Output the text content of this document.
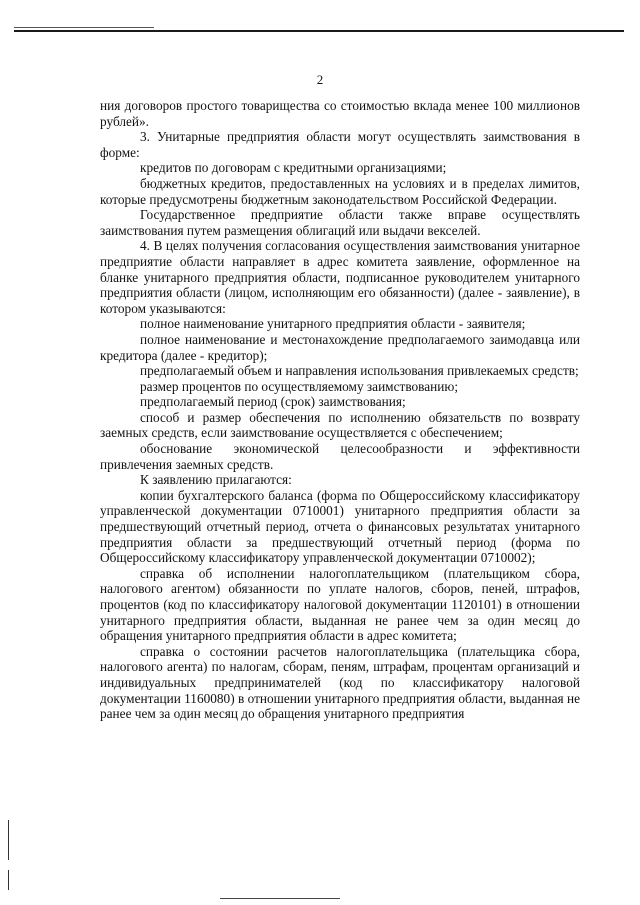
2

ния договоров простого товарищества со стоимостью вклада менее 100 миллионов рублей».

3. Унитарные предприятия области могут осуществлять заимствования в форме:

кредитов по договорам с кредитными организациями;

бюджетных кредитов, предоставленных на условиях и в пределах лимитов, которые предусмотрены бюджетным законодательством Российской Федерации.

Государственное предприятие области также вправе осуществлять заимствования путем размещения облигаций или выдачи векселей.

4. В целях получения согласования осуществления заимствования унитарное предприятие области направляет в адрес комитета заявление, оформленное на бланке унитарного предприятия области, подписанное руководителем унитарного предприятия области (лицом, исполняющим его обязанности) (далее - заявление), в котором указываются:

полное наименование унитарного предприятия области - заявителя;

полное наименование и местонахождение предполагаемого заимодавца или кредитора (далее - кредитор);

предполагаемый объем и направления использования привлекаемых средств;

размер процентов по осуществляемому заимствованию;

предполагаемый период (срок) заимствования;

способ и размер обеспечения по исполнению обязательств по возврату заемных средств, если заимствование осуществляется с обеспечением;

обоснование экономической целесообразности и эффективности привлечения заемных средств.

К заявлению прилагаются:

копии бухгалтерского баланса (форма по Общероссийскому классификатору управленческой документации 0710001) унитарного предприятия области за предшествующий отчетный период, отчета о финансовых результатах унитарного предприятия области за предшествующий отчетный период (форма по Общероссийскому классификатору управленческой документации 0710002);

справка об исполнении налогоплательщиком (плательщиком сбора, налогового агентом) обязанности по уплате налогов, сборов, пеней, штрафов, процентов (код по классификатору налоговой документации 1120101) в отношении унитарного предприятия области, выданная не ранее чем за один месяц до обращения унитарного предприятия области в адрес комитета;

справка о состоянии расчетов налогоплательщика (плательщика сбора, налогового агента) по налогам, сборам, пеням, штрафам, процентам организаций и индивидуальных предпринимателей (код по классификатору налоговой документации 1160080) в отношении унитарного предприятия области, выданная не ранее чем за один месяц до обращения унитарного предприятия
